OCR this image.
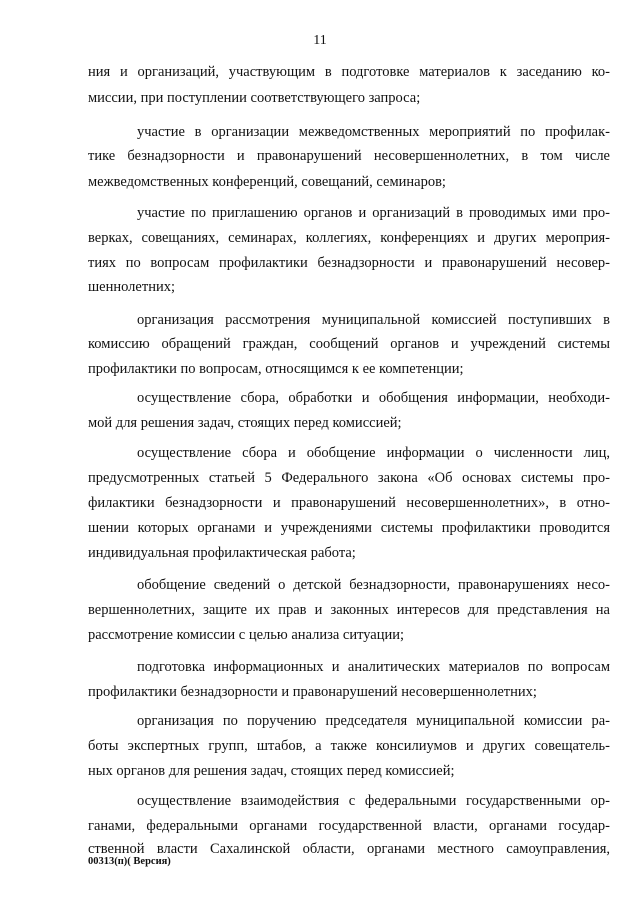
11
ния и организаций, участвующим в подготовке материалов к заседанию ко-
миссии, при поступлении соответствующего запроса;
участие в организации межведомственных мероприятий по профилак-
тике безнадзорности и правонарушений несовершеннолетних, в том числе
межведомственных конференций, совещаний, семинаров;
участие по приглашению органов и организаций в проводимых ими про-
верках, совещаниях, семинарах, коллегиях, конференциях и других мероприя-
тиях по вопросам профилактики безнадзорности и правонарушений несовер-
шеннолетних;
организация рассмотрения муниципальной комиссией поступивших в
комиссию обращений граждан, сообщений органов и учреждений системы
профилактики по вопросам, относящимся к ее компетенции;
осуществление сбора, обработки и обобщения информации, необходи-
мой для решения задач, стоящих перед комиссией;
осуществление сбора и обобщение информации о численности лиц,
предусмотренных статьей 5 Федерального закона «Об основах системы про-
филактики безнадзорности и правонарушений несовершеннолетних», в отно-
шении которых органами и учреждениями системы профилактики проводится
индивидуальная профилактическая работа;
обобщение сведений о детской безнадзорности, правонарушениях несо-
вершеннолетних, защите их прав и законных интересов для представления на
рассмотрение комиссии с целью анализа ситуации;
подготовка информационных и аналитических материалов по вопросам
профилактики безнадзорности и правонарушений несовершеннолетних;
организация по поручению председателя муниципальной комиссии ра-
боты экспертных групп, штабов, а также консилиумов и других совещатель-
ных органов для решения задач, стоящих перед комиссией;
осуществление взаимодействия с федеральными государственными ор-
ганами, федеральными органами государственной власти, органами государ-
ственной власти Сахалинской области, органами местного самоуправления,
00313(п)( Версия)
